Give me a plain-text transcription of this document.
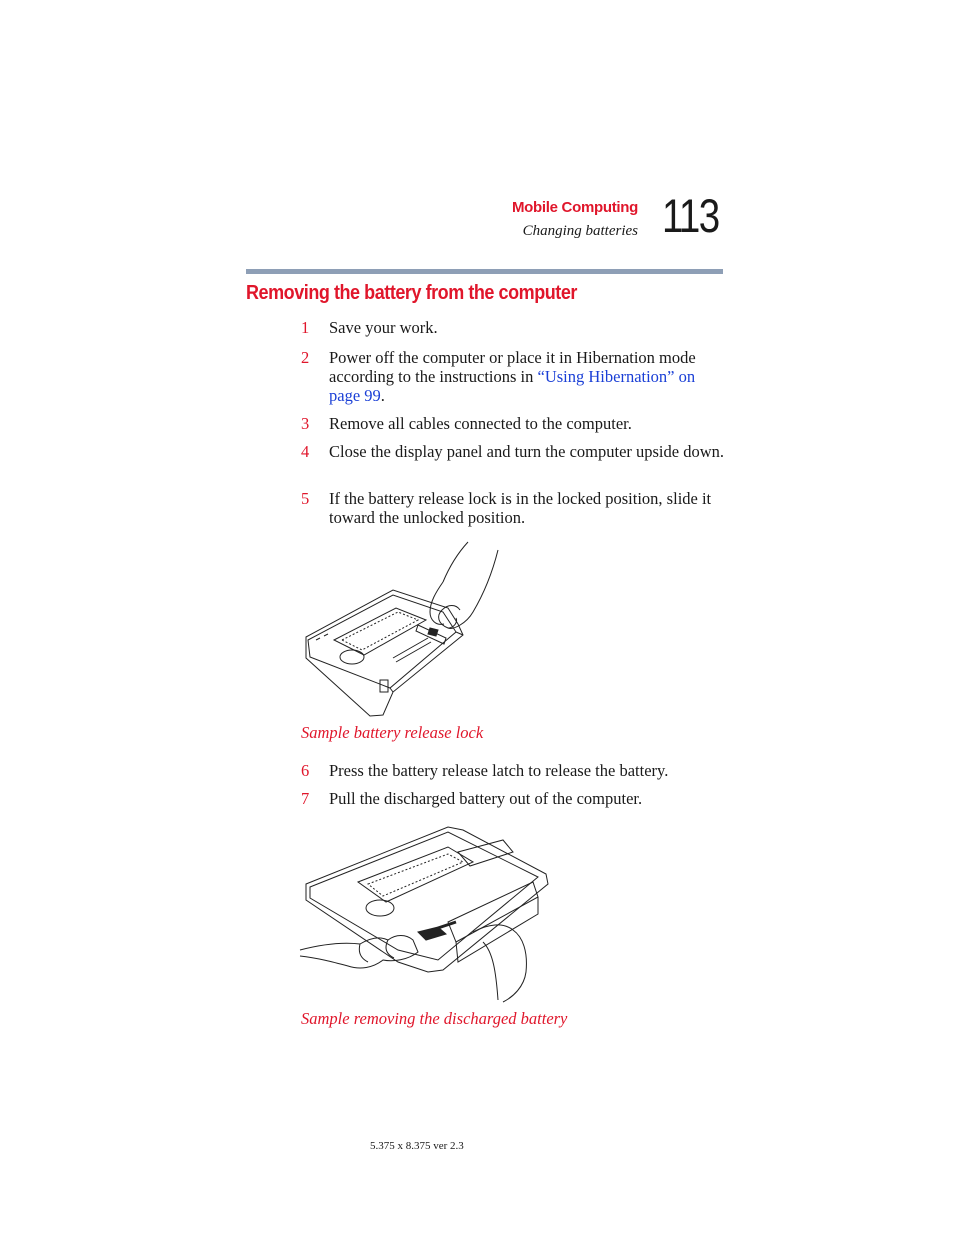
Mobile Computing
Changing batteries 113
Removing the battery from the computer
1 Save your work.
2 Power off the computer or place it in Hibernation mode according to the instructions in “Using Hibernation” on page 99.
3 Remove all cables connected to the computer.
4 Close the display panel and turn the computer upside down.
5 If the battery release lock is in the locked position, slide it toward the unlocked position.
Sample battery release lock
6 Press the battery release latch to release the battery.
7 Pull the discharged battery out of the computer.
Sample removing the discharged battery
5.375 x 8.375 ver 2.3
